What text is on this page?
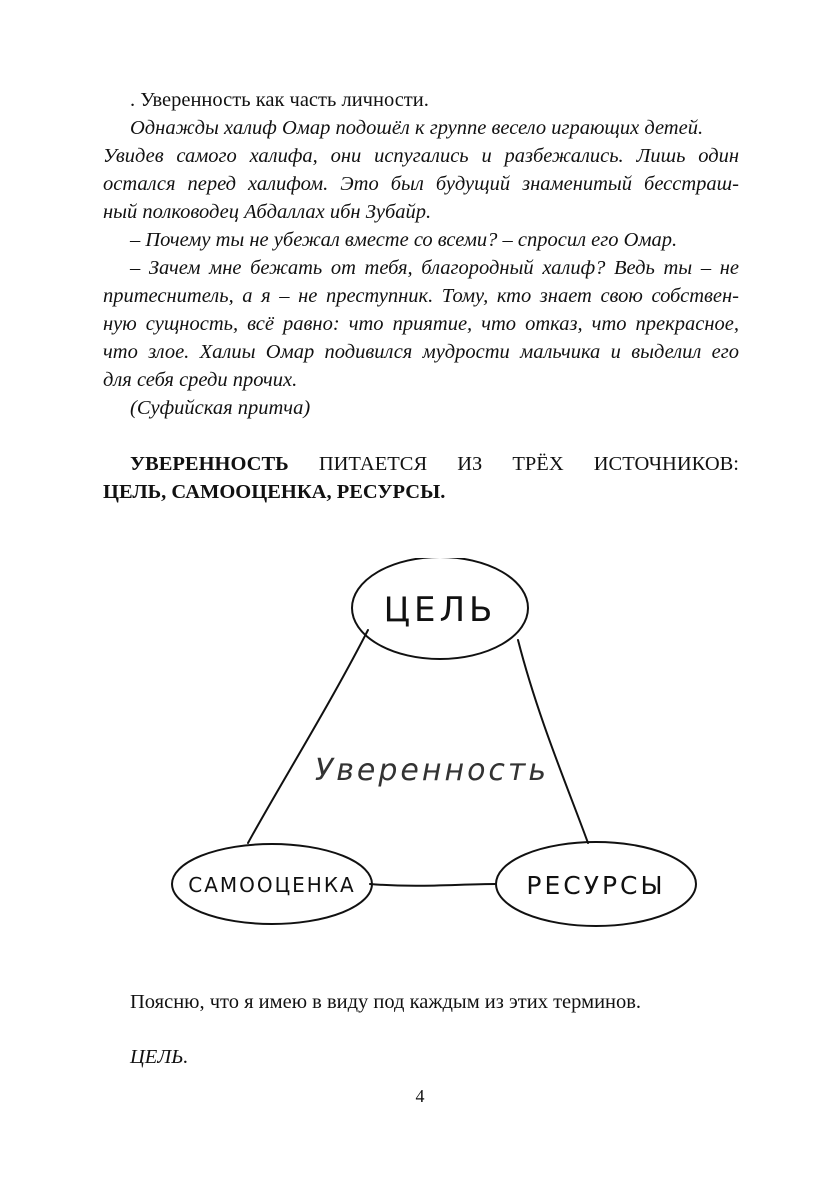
. Уверенность как часть личности.
Однажды халиф Омар подошёл к группе весело играющих детей.
Увидев самого халифа, они испугались и разбежались. Лишь один
остался перед халифом. Это был будущий знаменитый бесстраш-
ный полководец Абдаллах ибн Зубайр.
– Почему ты не убежал вместе со всеми? – спросил его Омар.
– Зачем мне бежать от тебя, благородный халиф? Ведь ты – не
притеснитель, а я – не преступник. Тому, кто знает свою собствен-
ную сущность, всё равно: что приятие, что отказ, что прекрасное,
что злое. Халиы Омар подивился мудрости мальчика и выделил его
для себя среди прочих.
(Суфийская притча)
УВЕРЕННОСТЬ ПИТАЕТСЯ ИЗ ТРЁХ ИСТОЧНИКОВ:
ЦЕЛЬ, САМООЦЕНКА, РЕСУРСЫ.
ЦЕЛЬ
Уверенность
САМООЦЕНКА	РЕСУРСЫ
Поясню, что я имею в виду под каждым из этих терминов.
ЦЕЛЬ.
4
